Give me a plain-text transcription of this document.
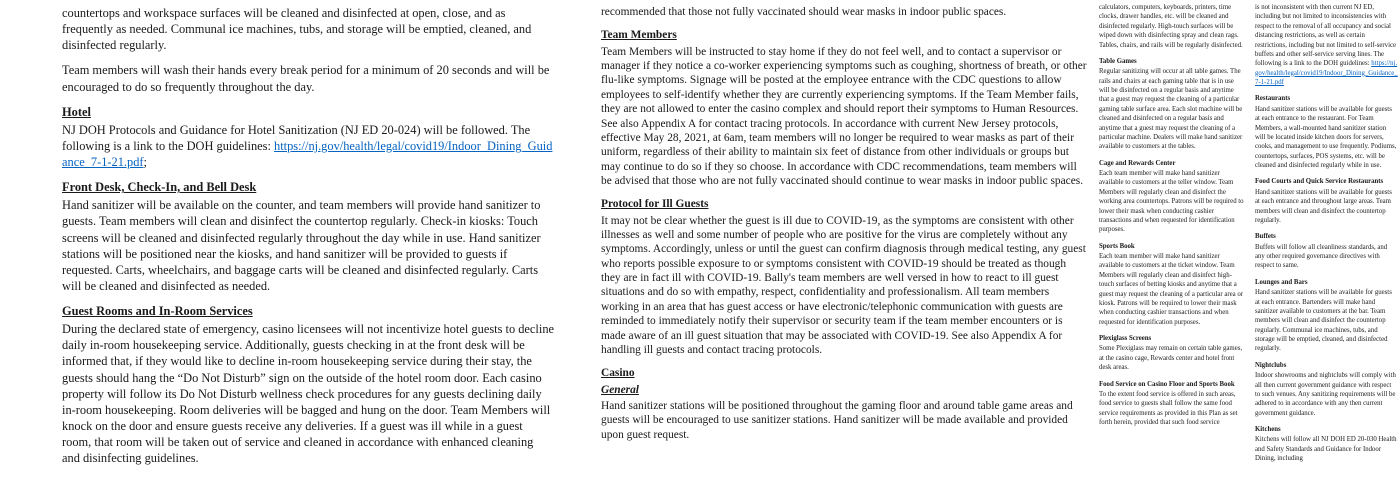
countertops and workspace surfaces will be cleaned and disinfected at open, close, and as frequently as needed. Communal ice machines, tubs, and storage will be emptied, cleaned, and disinfected regularly.

Team members will wash their hands every break period for a minimum of 20 seconds and will be encouraged to do so frequently throughout the day.

Hotel

NJ DOH Protocols and Guidance for Hotel Sanitization (NJ ED 20-024) will be followed. The following is a link to the DOH guidelines: https://nj.gov/health/legal/covid19/Indoor_Dining_Guidance_7-1-21.pdf;

Front Desk, Check-In, and Bell Desk

Hand sanitizer will be available on the counter, and team members will provide hand sanitizer to guests. Team members will clean and disinfect the countertop regularly. Check-in kiosks: Touch screens will be cleaned and disinfected regularly throughout the day while in use. Hand sanitizer stations will be positioned near the kiosks, and hand sanitizer will be provided to guests if requested. Carts, wheelchairs, and baggage carts will be cleaned and disinfected regularly. Carts will be cleaned and disinfected as needed.

Guest Rooms and In-Room Services

During the declared state of emergency, casino licensees will not incentivize hotel guests to decline daily in-room housekeeping service. Additionally, guests checking in at the front desk will be informed that, if they would like to decline in-room housekeeping service during their stay, the guests should hang the “Do Not Disturb” sign on the outside of the hotel room door. Each casino property will follow its Do Not Disturb wellness check procedures for any guests declining daily in-room housekeeping. Room deliveries will be bagged and hung on the door. Team Members will knock on the door and ensure guests receive any deliveries. If a guest was ill while in a guest room, that room will be taken out of service and cleaned in accordance with enhanced cleaning and disinfecting guidelines.

recommended that those not fully vaccinated should wear masks in indoor public spaces.

Team Members

Team Members will be instructed to stay home if they do not feel well, and to contact a supervisor or manager if they notice a co-worker experiencing symptoms such as coughing, shortness of breath, or other flu-like symptoms. Signage will be posted at the employee entrance with the CDC questions to allow employees to self-identify whether they are currently experiencing symptoms. If the Team Member fails, they are not allowed to enter the casino complex and should report their symptoms to Human Resources. See also Appendix A for contact tracing protocols. In accordance with current New Jersey protocols, effective May 28, 2021, at 6am, team members will no longer be required to wear masks as part of their uniform, regardless of their ability to maintain six feet of distance from other individuals or groups but may continue to do so if they so choose. In accordance with CDC recommendations, team members will be advised that those who are not fully vaccinated should continue to wear masks in indoor public spaces.

Protocol for Ill Guests

It may not be clear whether the guest is ill due to COVID-19, as the symptoms are consistent with other illnesses as well and some number of people who are positive for the virus are completely without any symptoms. Accordingly, unless or until the guest can confirm diagnosis through medical testing, any guest who reports possible exposure to or symptoms consistent with COVID-19 should be treated as though they are in fact ill with COVID-19. Bally's team members are well versed in how to react to ill guest situations and do so with empathy, respect, confidentiality and professionalism. All team members working in an area that has guest access or have electronic/telephonic communication with guests are reminded to immediately notify their supervisor or security team if the team member encounters or is made aware of an ill guest situation that may be associated with COVID-19. See also Appendix A for handling ill guests and contact tracing protocols.

Casino
General

Hand sanitizer stations will be positioned throughout the gaming floor and around table game areas and guests will be encouraged to use sanitizer stations. Hand sanitizer will be made available and provided upon guest request.

calculators, computers, keyboards, printers, time clocks, drawer handles, etc. will be cleaned and disinfected regularly. High-touch surfaces will be wiped down with disinfecting spray and clean rags. Tables, chairs, and rails will be regularly disinfected.

Table Games

Regular sanitizing will occur at all table games. The rails and chairs at each gaming table that is in use will be disinfected on a regular basis and anytime that a guest may request the cleaning of a particular gaming table surface area. Each slot machine will be cleaned and disinfected on a regular basis and anytime that a guest may request the cleaning of a particular machine. Dealers will make hand sanitizer available to customers at the tables.

Cage and Rewards Center

Each team member will make hand sanitizer available to customers at the teller window. Team Members will regularly clean and disinfect the working area countertops. Patrons will be required to lower their mask when conducting cashier transactions and when requested for identification purposes.

Sports Book

Each team member will make hand sanitizer available to customers at the ticket window. Team Members will regularly clean and disinfect high-touch surfaces of betting kiosks and anytime that a guest may request the cleaning of a particular area or kiosk. Patrons will be required to lower their mask when conducting cashier transactions and when requested for identification purposes.

Plexiglass Screens

Some Plexiglass may remain on certain table games, at the casino cage, Rewards center and hotel front desk areas.

Food Service on Casino Floor and Sports Book

To the extent food service is offered in such areas, food service to guests shall follow the same food service requirements as provided in this Plan as set forth herein, provided that such food service

is not inconsistent with then current NJ ED, including but not limited to inconsistencies with respect to the removal of all occupancy and social distancing restrictions, as well as certain restrictions, including but not limited to self-service buffets and other self-service serving lines. The following is a link to the DOH guidelines: https://nj.gov/health/legal/covid19/Indoor_Dining_Guidance_7-1-21.pdf

Restaurants

Hand sanitizer stations will be available for guests at each entrance to the restaurant. For Team Members, a wall-mounted hand sanitizer station will be located inside kitchen doors for servers, cooks, and management to use frequently. Podiums, countertops, surfaces, POS systems, etc. will be cleaned and disinfected regularly while in use.

Food Courts and Quick Service Restaurants

Hand sanitizer stations will be available for guests at each entrance and throughout large areas. Team members will clean and disinfect the countertop regularly.

Buffets

Buffets will follow all cleanliness standards, and any other required governance directives with respect to same.

Lounges and Bars

Hand sanitizer stations will be available for guests at each entrance. Bartenders will make hand sanitizer available to customers at the bar. Team members will clean and disinfect the countertop regularly. Communal ice machines, tubs, and storage will be emptied, cleaned, and disinfected regularly.

Nightclubs

Indoor showrooms and nightclubs will comply with all then current government guidance with respect to such venues. Any sanitizing requirements will be adhered to in accordance with any then current government guidance.

Kitchens

Kitchens will follow all NJ DOH ED 20-030 Health and Safety Standards and Guidance for Indoor Dining, including
